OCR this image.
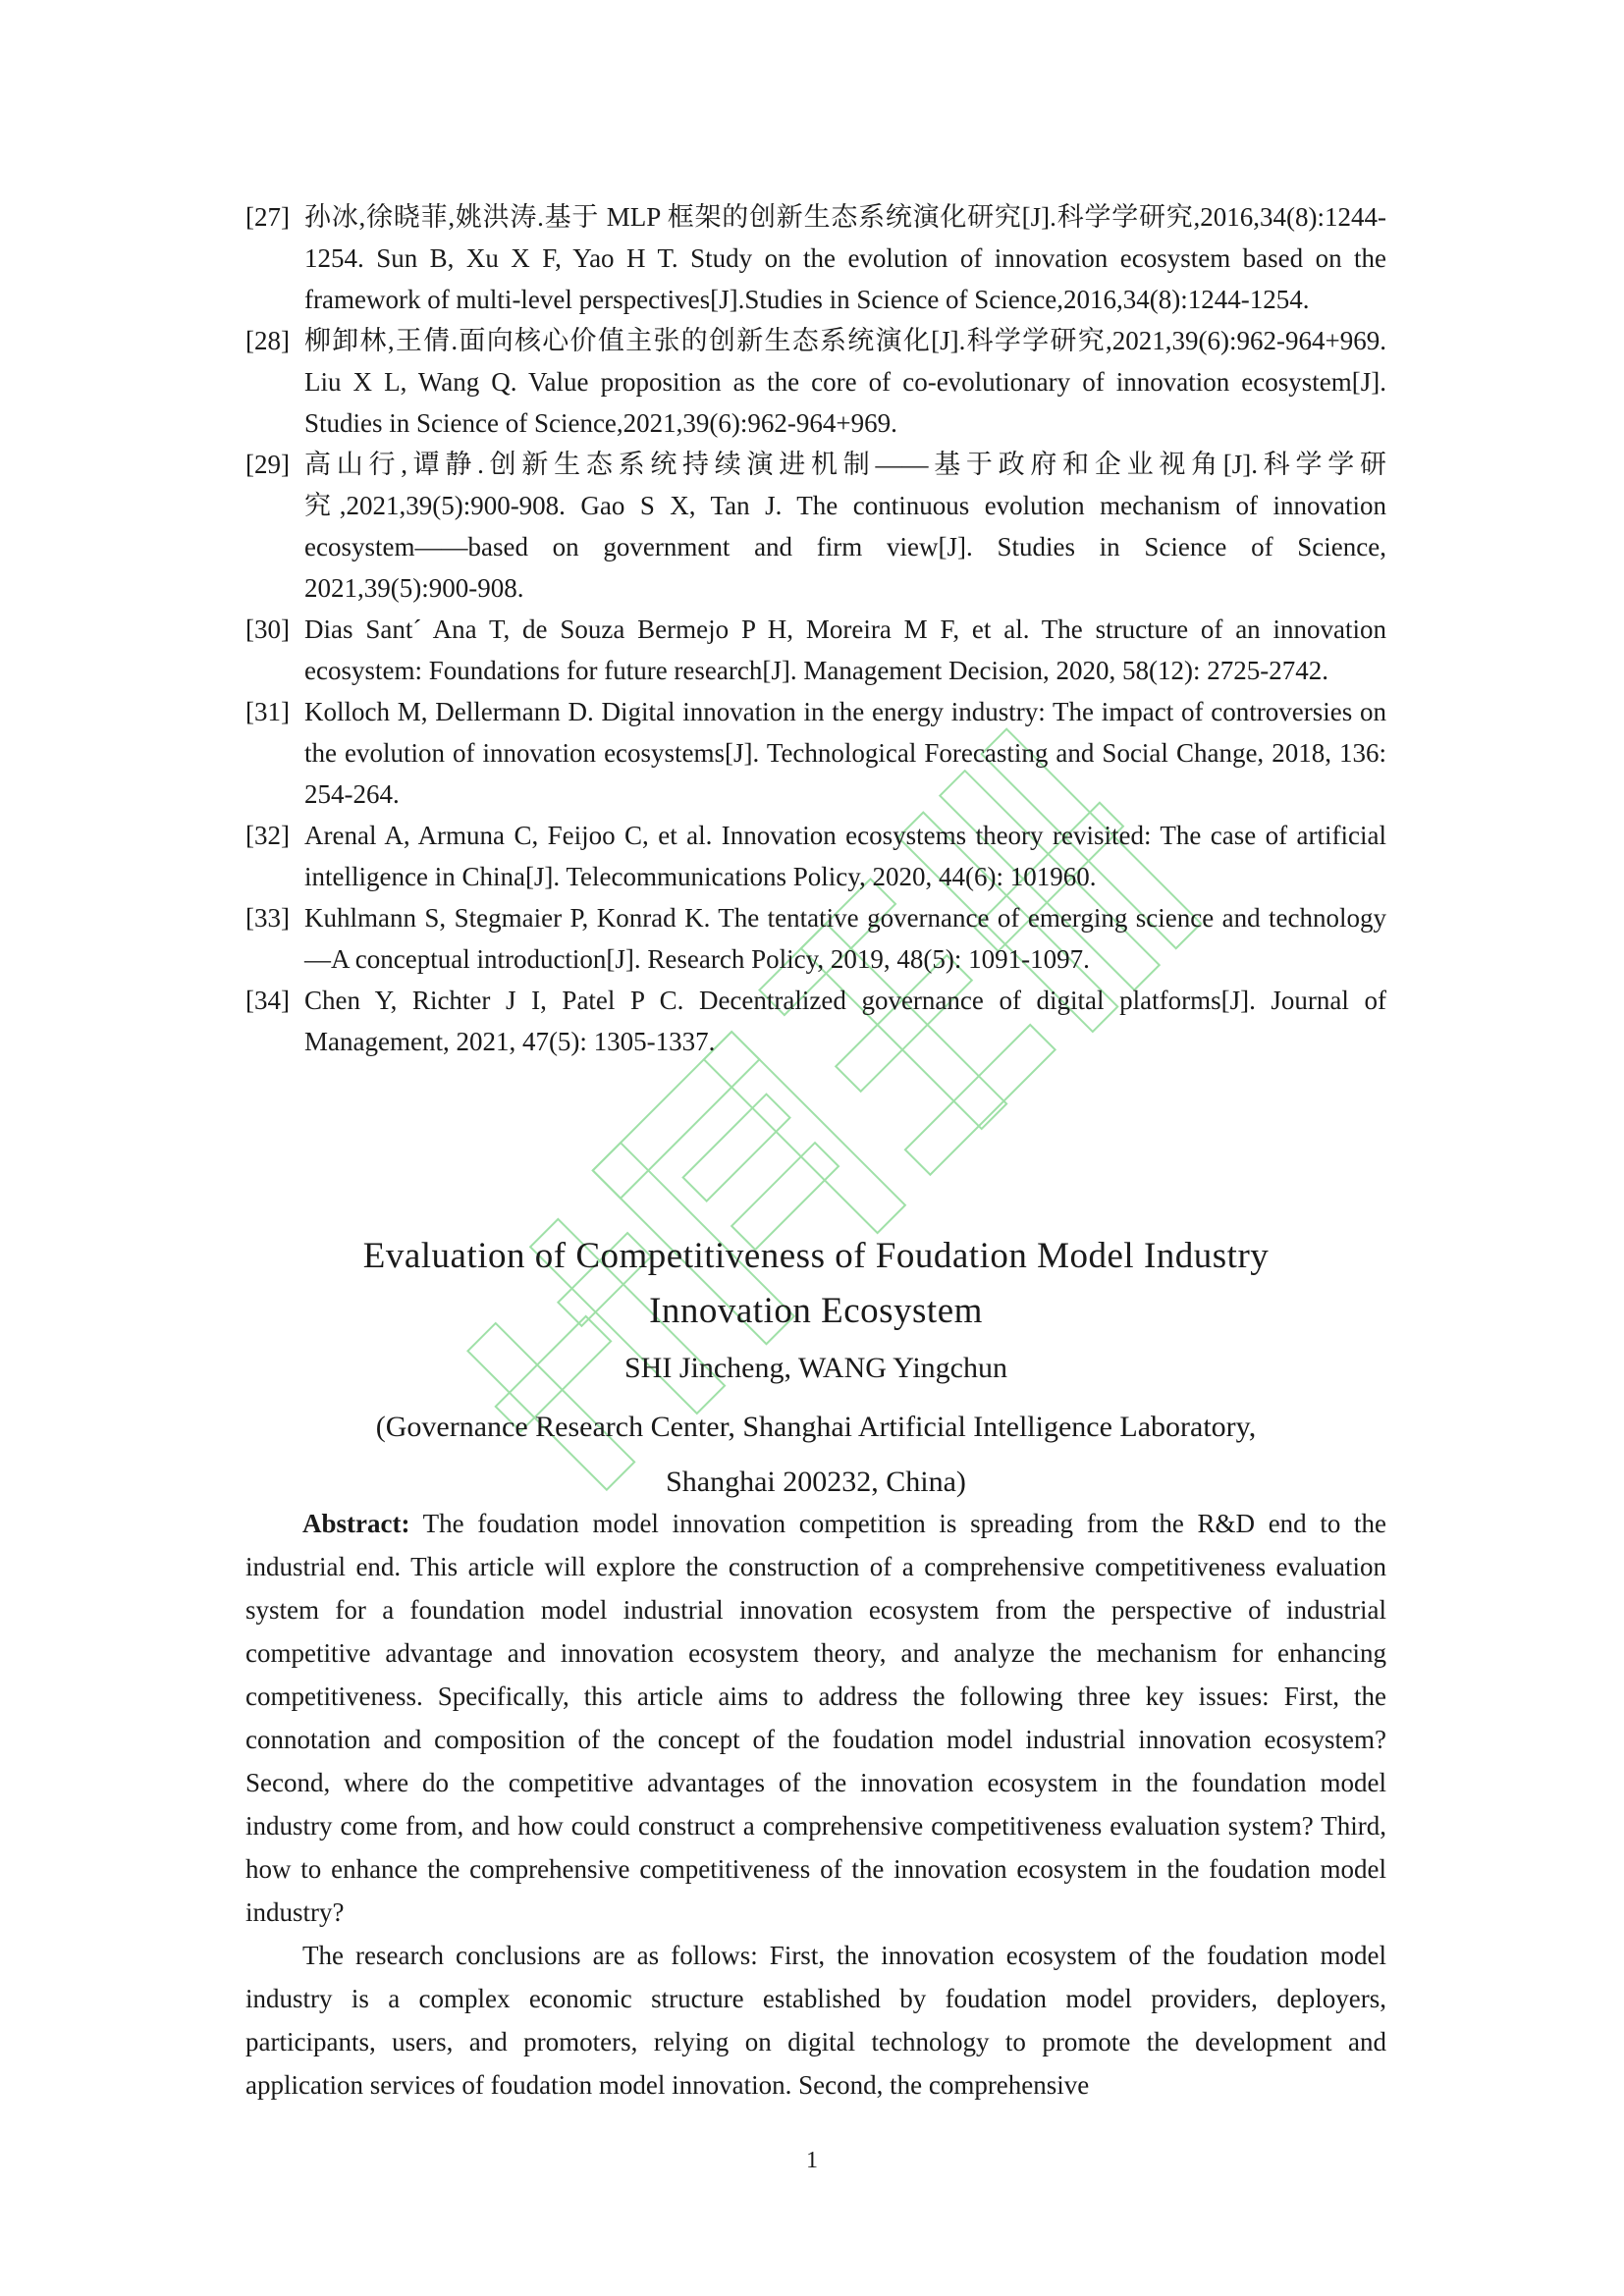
[27] 孙冰,徐晓菲,姚洪涛.基于 MLP 框架的创新生态系统演化研究[J].科学学研究,2016,34(8):1244-1254. Sun B, Xu X F, Yao H T. Study on the evolution of innovation ecosystem based on the framework of multi-level perspectives[J].Studies in Science of Science,2016,34(8):1244-1254.
[28] 柳卸林,王倩.面向核心价值主张的创新生态系统演化[J].科学学研究,2021,39(6):962-964+969. Liu X L, Wang Q. Value proposition as the core of co-evolutionary of innovation ecosystem[J]. Studies in Science of Science,2021,39(6):962-964+969.
[29] 高山行,谭静.创新生态系统持续演进机制——基于政府和企业视角[J].科学学研究,2021,39(5):900-908. Gao S X, Tan J. The continuous evolution mechanism of innovation ecosystem——based on government and firm view[J]. Studies in Science of Science, 2021,39(5):900-908.
[30] Dias Sant´ Ana T, de Souza Bermejo P H, Moreira M F, et al. The structure of an innovation ecosystem: Foundations for future research[J]. Management Decision, 2020, 58(12): 2725-2742.
[31] Kolloch M, Dellermann D. Digital innovation in the energy industry: The impact of controversies on the evolution of innovation ecosystems[J]. Technological Forecasting and Social Change, 2018, 136: 254-264.
[32] Arenal A, Armuna C, Feijoo C, et al. Innovation ecosystems theory revisited: The case of artificial intelligence in China[J]. Telecommunications Policy, 2020, 44(6): 101960.
[33] Kuhlmann S, Stegmaier P, Konrad K. The tentative governance of emerging science and technology—A conceptual introduction[J]. Research Policy, 2019, 48(5): 1091-1097.
[34] Chen Y, Richter J I, Patel P C. Decentralized governance of digital platforms[J]. Journal of Management, 2021, 47(5): 1305-1337.
Evaluation of Competitiveness of Foudation Model Industry
Innovation Ecosystem
SHI Jincheng, WANG Yingchun
(Governance Research Center, Shanghai Artificial Intelligence Laboratory,
Shanghai 200232, China)

Abstract: The foudation model innovation competition is spreading from the R&D end to the industrial end. This article will explore the construction of a comprehensive competitiveness evaluation system for a foundation model industrial innovation ecosystem from the perspective of industrial competitive advantage and innovation ecosystem theory, and analyze the mechanism for enhancing competitiveness. Specifically, this article aims to address the following three key issues: First, the connotation and composition of the concept of the foudation model industrial innovation ecosystem? Second, where do the competitive advantages of the innovation ecosystem in the foundation model industry come from, and how could construct a comprehensive competitiveness evaluation system? Third, how to enhance the comprehensive competitiveness of the innovation ecosystem in the foudation model industry?

The research conclusions are as follows: First, the innovation ecosystem of the foudation model industry is a complex economic structure established by foudation model providers, deployers, participants, users, and promoters, relying on digital technology to promote the development and application services of foudation model innovation. Second, the comprehensive

1
